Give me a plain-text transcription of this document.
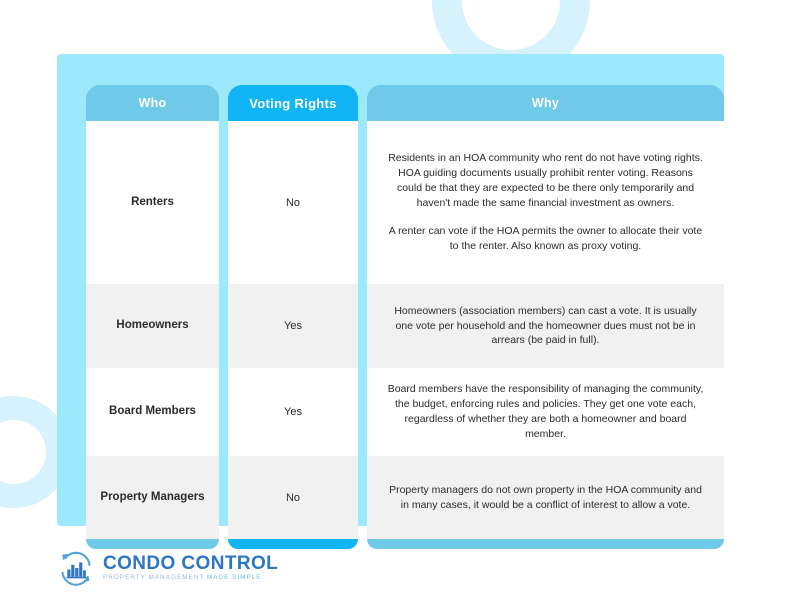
Who
Renters
Homeowners
Board Members
Property Managers
Voting Rights
No
Yes
Yes
No
Why

Residents in an HOA community who rent do not have voting rights. HOA guiding documents usually prohibit renter voting. Reasons could be that they are expected to be there only temporarily and haven't made the same financial investment as owners.

A renter can vote if the HOA permits the owner to allocate their vote to the renter. Also known as proxy voting.

Homeowners (association members) can cast a vote. It is usually one vote per household and the homeowner dues must not be in arrears (be paid in full).

Board members have the responsibility of managing the community, the budget, enforcing rules and policies. They get one vote each, regardless of whether they are both a homeowner and board member.

Property managers do not own property in the HOA community and in many cases, it would be a conflict of interest to allow a vote.

CONDO CONTROL
PROPERTY MANAGEMENT MADE SIMPLE
